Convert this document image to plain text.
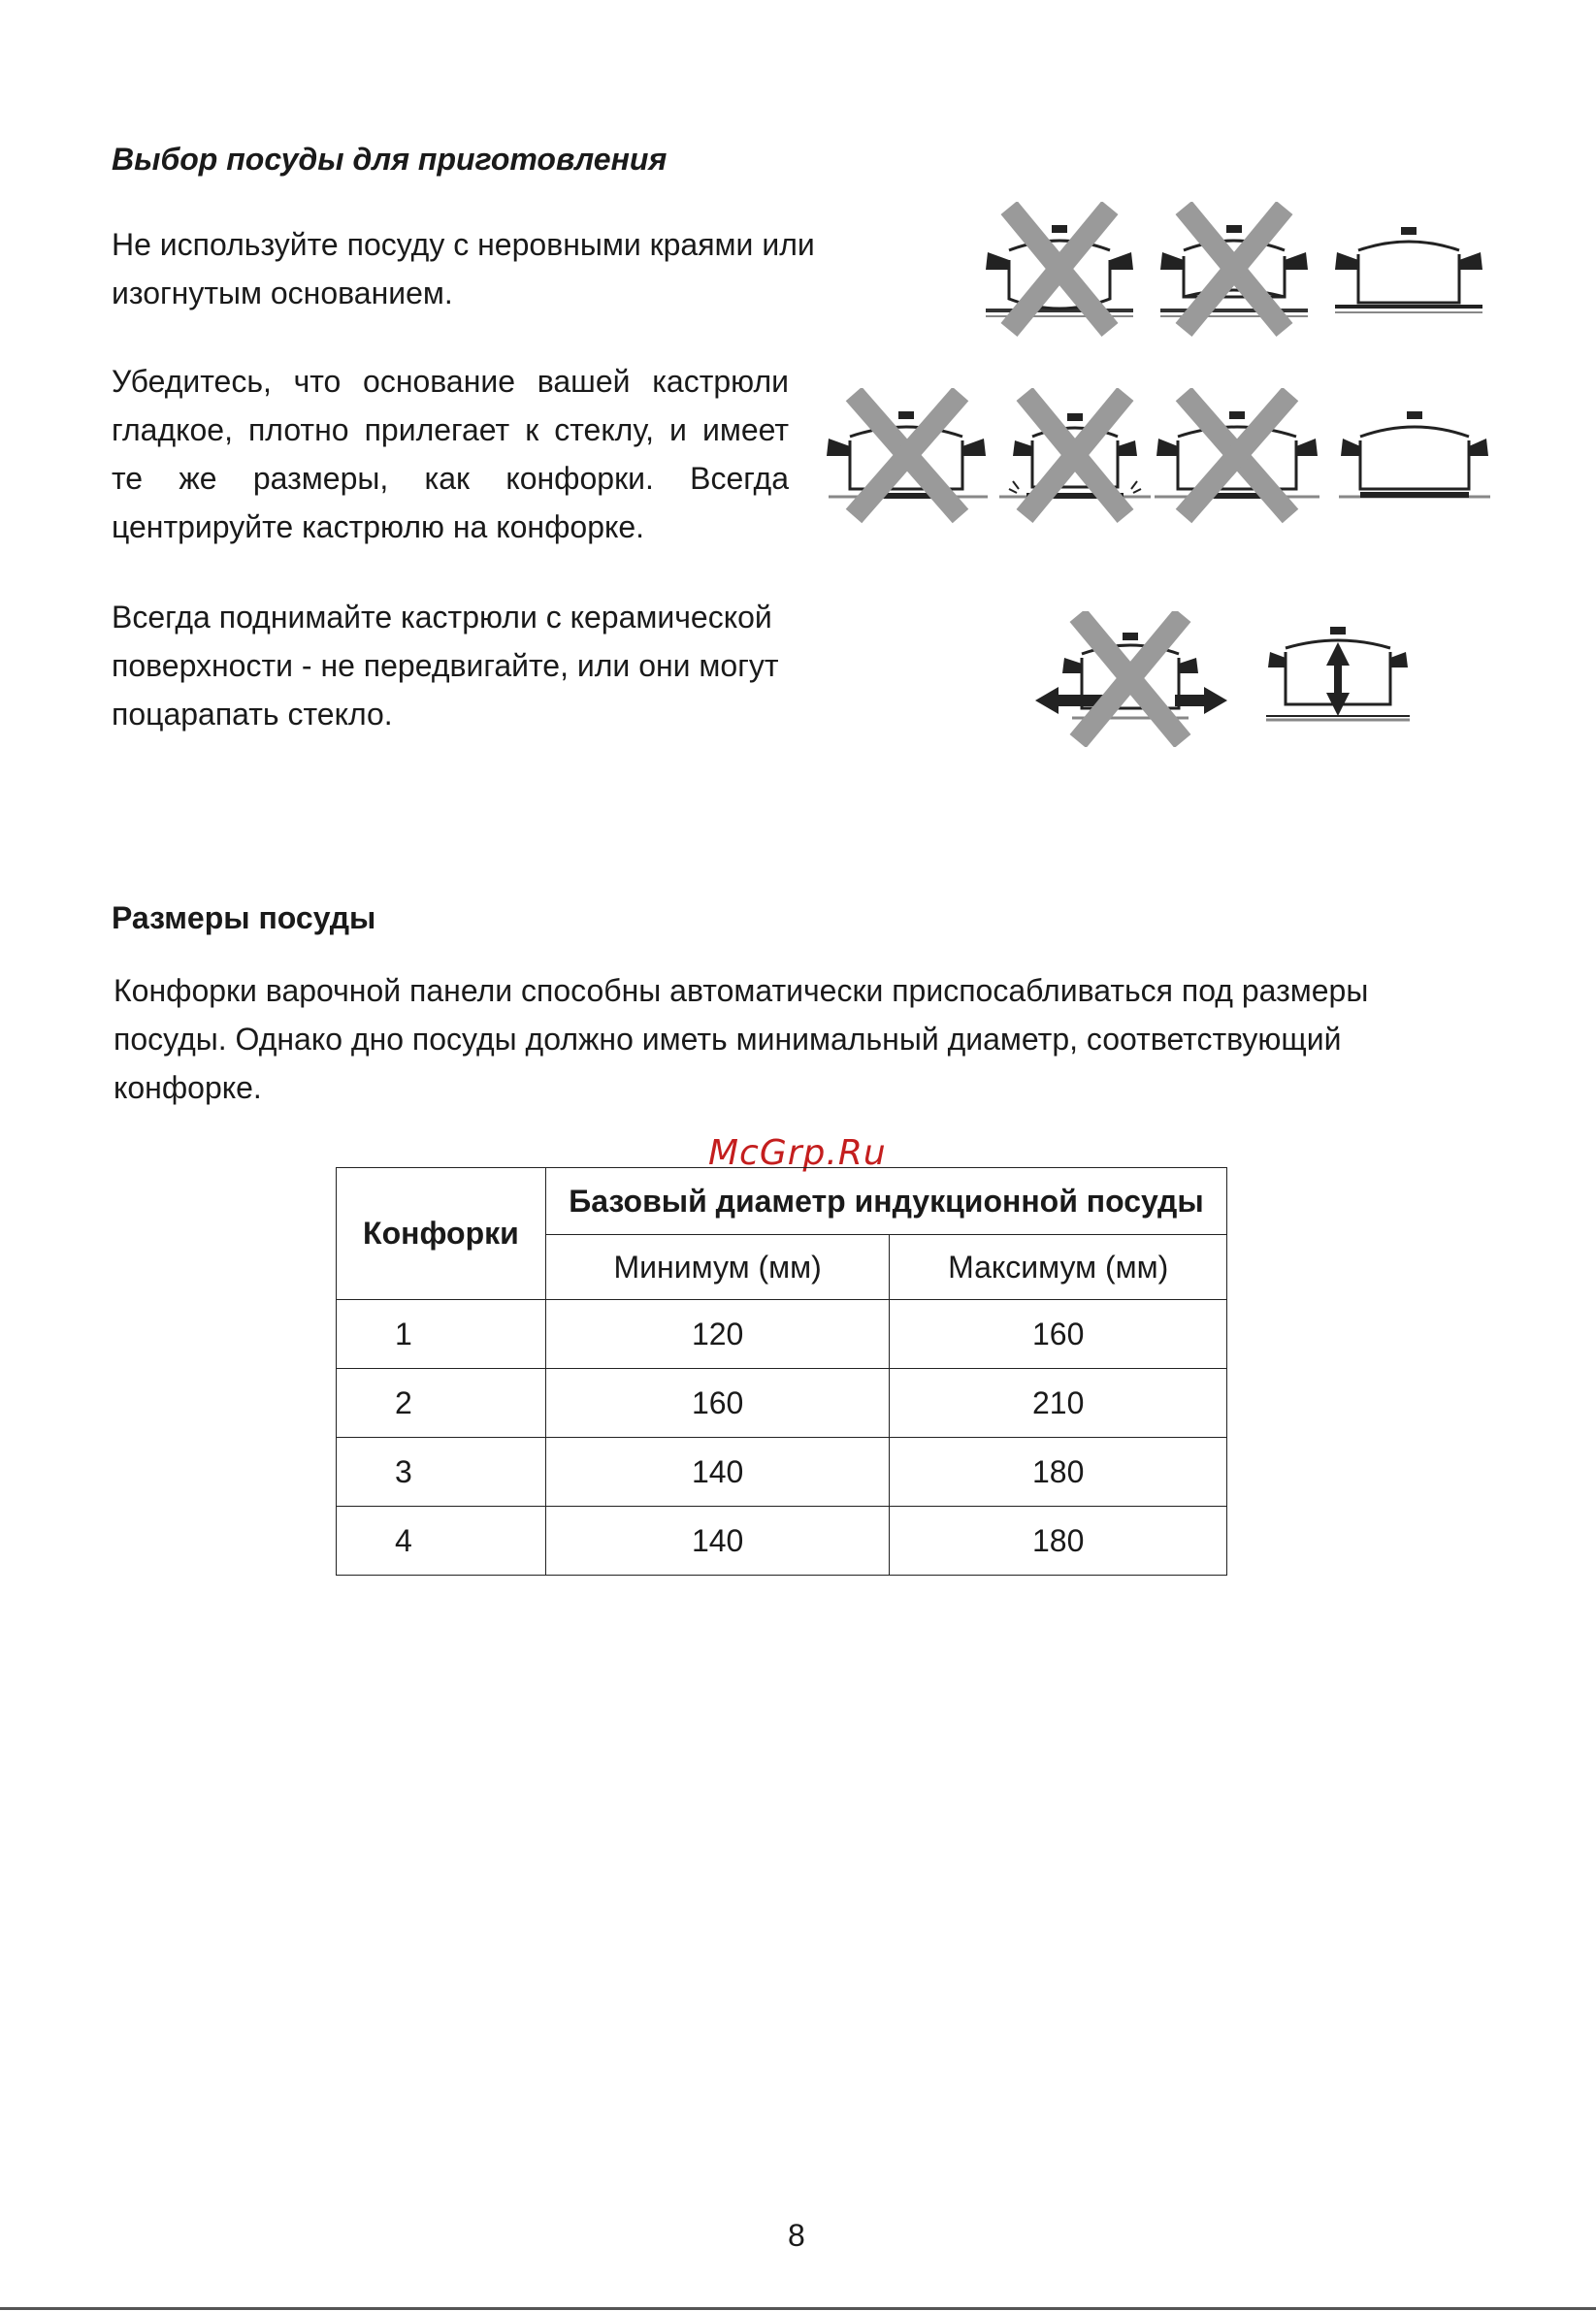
Выбор посуды для приготовления

Не используйте посуду с неровными краями или
изогнутым основанием.

Убедитесь, что основание вашей кастрюли
гладкое, плотно прилегает к стеклу, и имеет
те же размеры, как конфорки. Всегда
центрируйте кастрюлю на конфорке.

Всегда поднимайте кастрюли с керамической
поверхности - не передвигайте, или они могут
поцарапать стекло.

Размеры посуды

Конфорки варочной панели способны автоматически приспосабливаться под размеры
посуды. Однако дно посуды должно иметь минимальный диаметр, соответствующий
конфорке.

McGrp.Ru
Конфорки	Базовый диаметр индукционной посуды	
	Минимум (мм)	Максимум (мм)
1	120	160
2	160	210
3	140	180
4	140	180
8
